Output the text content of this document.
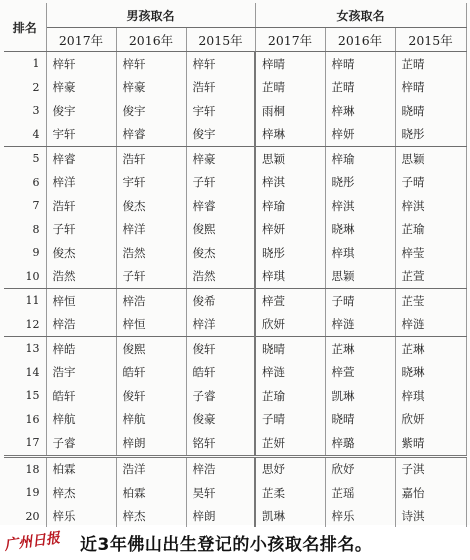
排名	男孩取名			女孩取名		
	2017年	2016年	2015年	2017年	2016年	2015年
1	梓轩	梓轩	梓轩	梓晴	梓晴	芷晴
2	梓豪	梓豪	浩轩	芷晴	芷晴	梓晴
3	俊宇	俊宇	宇轩	雨桐	梓琳	晓晴
4	宇轩	梓睿	俊宇	梓琳	梓妍	晓彤
5	梓睿	浩轩	梓豪	思颖	梓瑜	思颖
6	梓洋	宇轩	子轩	梓淇	晓彤	子晴
7	浩轩	俊杰	梓睿	梓瑜	梓淇	梓淇
8	子轩	梓洋	俊熙	梓妍	晓琳	芷瑜
9	俊杰	浩然	俊杰	晓彤	梓琪	梓莹
10	浩然	子轩	浩然	梓琪	思颖	芷萱
11	梓恒	梓浩	俊希	梓萱	子晴	芷莹
12	梓浩	梓恒	梓洋	欣妍	梓涟	梓涟
13	梓皓	俊熙	俊轩	晓晴	芷琳	芷琳
14	浩宇	皓轩	皓轩	梓涟	梓萱	晓琳
15	皓轩	俊轩	子睿	芷瑜	凯琳	梓琪
16	梓航	梓航	俊豪	子晴	晓晴	欣妍
17	子睿	梓朗	铭轩	芷妍	梓璐	紫晴
18	柏霖	浩洋	梓浩	思妤	欣妤	子淇
19	梓杰	柏霖	昊轩	芷柔	芷瑶	嘉怡
20	梓乐	梓杰	梓朗	凯琳	梓乐	诗淇
广州日报 近3年佛山出生登记的小孩取名排名。
